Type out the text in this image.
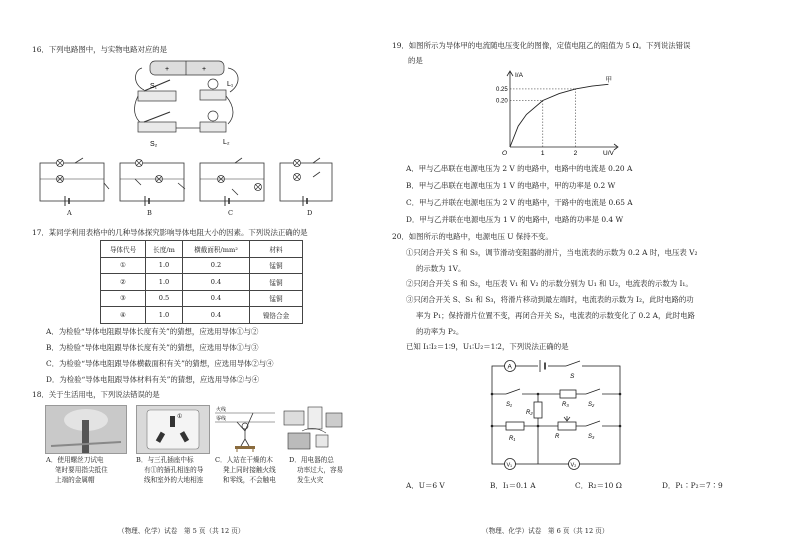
16．下列电路图中，与实物电路对应的是
+	+
S₁	L₁
S₂	L₂
A	B	C	D
17．某同学利用表格中的几种导体探究影响导体电阻大小的因素。下列说法正确的是
导体代号	长度/m	横截面积/mm²	材料
①	1.0	0.2	锰铜
②	1.0	0.4	锰铜
③	0.5	0.4	锰铜
④	1.0	0.4	镍铬合金
A．为检验“导体电阻跟导体长度有关”的猜想，应选用导体①与②
B．为检验“导体电阻跟导体长度有关”的猜想，应选用导体①与③
C．为检验“导体电阻跟导体横截面积有关”的猜想，应选用导体②与④
D．为检验“导体电阻跟导体材料有关”的猜想，应选用导体②与④
18．关于生活用电，下列说法错误的是
①
火线
零线
A．使用螺丝刀试电
笔时要用指尖抵住
上端的金属帽
B．与三孔插座中标
有①的插孔相连的导
线和室外的大地相连
C．人站在干燥的木
凳上同时接触火线
和零线，不会触电
D．用电器的总
功率过大，容易
发生火灾
（物理、化学）试卷　第 5 页（共 12 页）
19．如图所示为导体甲的电流随电压变化的图像，定值电阻乙的阻值为 5 Ω。下列说法错误
的是
I/A
U/V
O	1	2
0.20
0.25
甲
A．甲与乙串联在电源电压为 2 V 的电路中，电路中的电流是 0.20 A
B．甲与乙串联在电源电压为 1 V 的电路中，甲的功率是 0.2 W
C．甲与乙并联在电源电压为 2 V 的电路中，干路中的电流是 0.65 A
D．甲与乙并联在电源电压为 1 V 的电路中，电路的功率是 0.4 W
20．如图所示的电路中，电源电压 U 保持不变。
①只闭合开关 S 和 S₃，调节滑动变阻器的滑片，当电流表的示数为 0.2 A 时，电压表 V₂
的示数为 1V。
②只闭合开关 S 和 S₂，电压表 V₁ 和 V₂ 的示数分别为 U₁ 和 U₂，电流表的示数为 I₁。
③只闭合开关 S、S₁ 和 S₃，将滑片移动到最左端时，电流表的示数为 I₂，此时电路的功
率为 P₁；保持滑片位置不变，再闭合开关 S₂，电流表的示数变化了 0.2 A，此时电路
的功率为 P₂。
已知 I₁∶I₂＝1∶9，U₁∶U₂＝1∶2，下列说法正确的是
A
S
S₁
R₂
R₃	S₂
R₁	R	S₃
V₁	V₂
A．U＝6 V	B．I₁＝0.1 A	C．R₂＝10 Ω	D．P₁∶P₂＝7∶9
（物理、化学）试卷　第 6 页（共 12 页）
